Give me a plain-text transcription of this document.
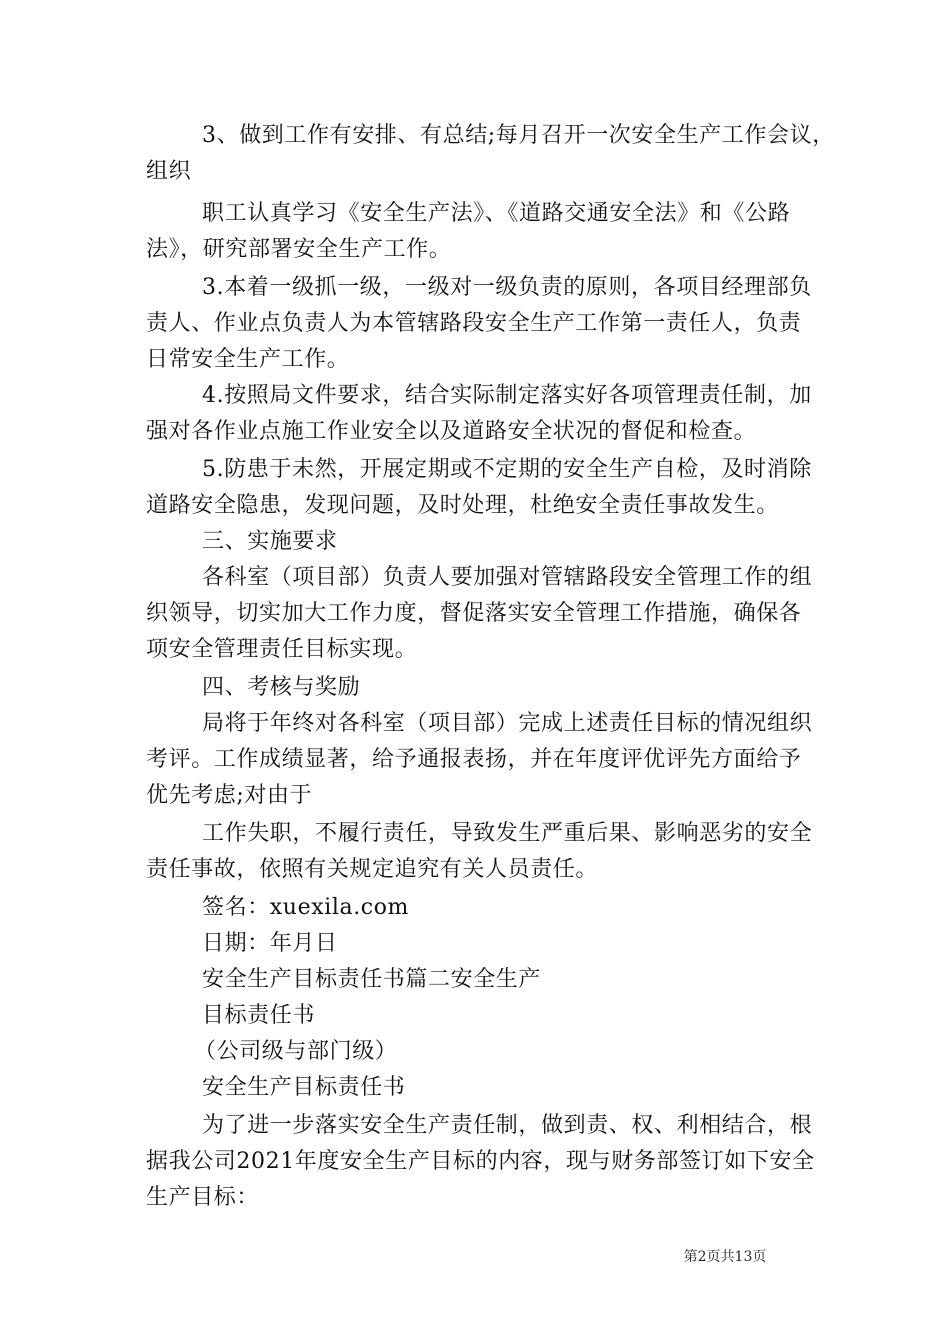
3、做到工作有安排、有总结;每月召开一次安全生产工作会议，
组织
职工认真学习《安全生产法》、《道路交通安全法》和《公路
法》，研究部署安全生产工作。
3.本着一级抓一级，一级对一级负责的原则，各项目经理部负
责人、作业点负责人为本管辖路段安全生产工作第一责任人，负责
日常安全生产工作。
4.按照局文件要求，结合实际制定落实好各项管理责任制，加
强对各作业点施工作业安全以及道路安全状况的督促和检查。
5.防患于未然，开展定期或不定期的安全生产自检，及时消除
道路安全隐患，发现问题，及时处理，杜绝安全责任事故发生。
三、实施要求
各科室（项目部）负责人要加强对管辖路段安全管理工作的组
织领导，切实加大工作力度，督促落实安全管理工作措施，确保各
项安全管理责任目标实现。
四、考核与奖励
局将于年终对各科室（项目部）完成上述责任目标的情况组织
考评。工作成绩显著，给予通报表扬，并在年度评优评先方面给予
优先考虑;对由于
工作失职，不履行责任，导致发生严重后果、影响恶劣的安全
责任事故，依照有关规定追究有关人员责任。
签名：xuexila.com
日期：年月日
安全生产目标责任书篇二安全生产
目标责任书
（公司级与部门级）
安全生产目标责任书
为了进一步落实安全生产责任制，做到责、权、利相结合，根
据我公司2021年度安全生产目标的内容，现与财务部签订如下安全
生产目标：
第2页共13页
